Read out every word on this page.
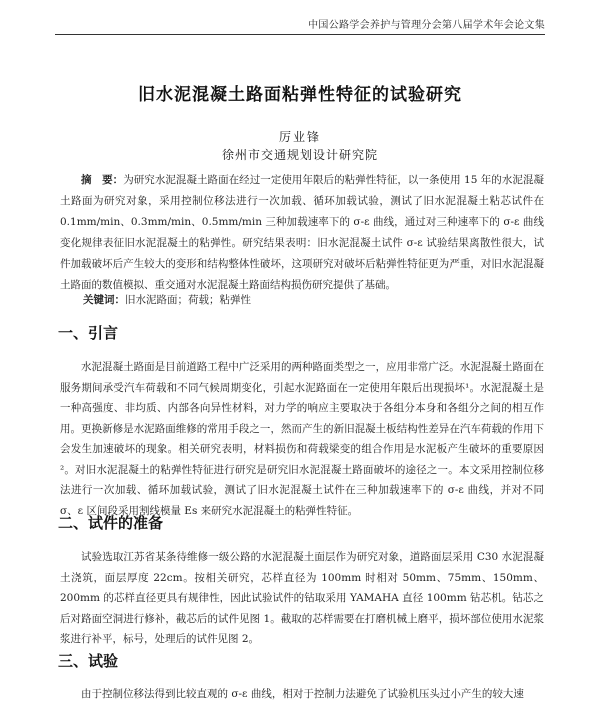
中国公路学会养护与管理分会第八届学术年会论文集
旧水泥混凝土路面粘弹性特征的试验研究
厉业锋
徐州市交通规划设计研究院
摘　要：为研究水泥混凝土路面在经过一定使用年限后的粘弹性特征，以一条使用 15 年的水泥混凝土路面为研究对象，采用控制位移法进行一次加载、循环加载试验，测试了旧水泥混凝土粘芯试件在 0.1mm/min、0.3mm/min、0.5mm/min 三种加载速率下的 σ-ε 曲线，通过对三种速率下的 σ-ε 曲线变化规律表征旧水泥混凝土的粘弹性。研究结果表明：旧水泥混凝土试件 σ-ε 试验结果离散性很大，试件加载破坏后产生较大的变形和结构整体性破坏，这项研究对破坏后粘弹性特征更为严重，对旧水泥混凝土路面的数值模拟、重交通对水泥混凝土路面结构损伤研究提供了基础。
关键词：旧水泥路面；荷载；粘弹性
一、引言
水泥混凝土路面是目前道路工程中广泛采用的两种路面类型之一，应用非常广泛。水泥混凝土路面在服务期间承受汽车荷载和不同气候周期变化，引起水泥路面在一定使用年限后出现损坏¹。水泥混凝土是一种高强度、非均质、内部各向异性材料，对力学的响应主要取决于各组分本身和各组分之间的相互作用。更换新修是水泥路面维修的常用手段之一，然而产生的新旧混凝土板结构性差异在汽车荷载的作用下会发生加速破坏的现象。相关研究表明，材料损伤和荷载梁变的组合作用是水泥板产生破坏的重要原因²。对旧水泥混凝土的粘弹性特征进行研究是研究旧水泥混凝土路面破坏的途径之一。本文采用控制位移法进行一次加载、循环加载试验，测试了旧水泥混凝土试件在三种加载速率下的 σ-ε 曲线，并对不同 σ、ε 区间段采用割线模量 Es 来研究水泥混凝土的粘弹性特征。
二、试件的准备
试验选取江苏省某条待维修一级公路的水泥混凝土面层作为研究对象，道路面层采用 C30 水泥混凝土浇筑，面层厚度 22cm。按相关研究，芯样直径为 100mm 时相对 50mm、75mm、150mm、200mm 的芯样直径更具有规律性，因此试验试件的钻取采用 YAMAHA 直径 100mm 钻芯机。钻芯之后对路面空洞进行修补，截芯后的试件见图 1。截取的芯样需要在打磨机械上磨平，损坏部位使用水泥浆浆进行补平，标号，处理后的试件见图 2。
三、试验
由于控制位移法得到比较直观的 σ-ε 曲线，相对于控制力法避免了试验机压头过小产生的较大速
